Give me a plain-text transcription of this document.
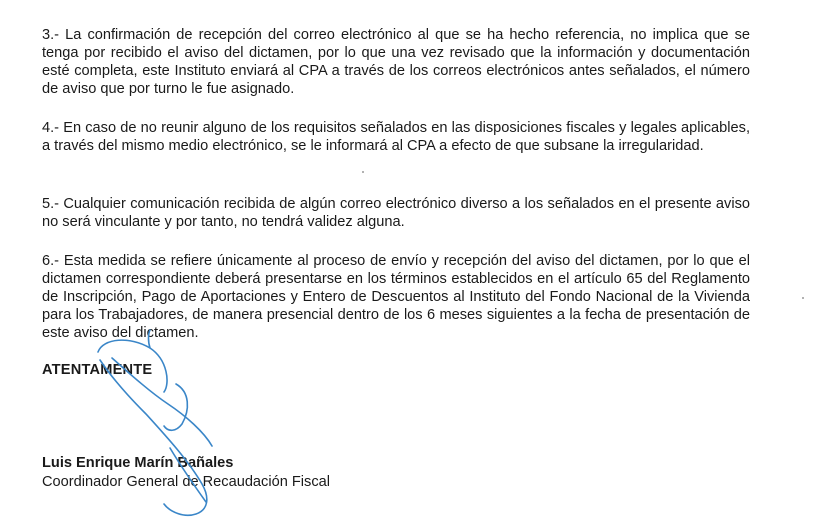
3.- La confirmación de recepción del correo electrónico al que se ha hecho referencia, no implica que se tenga por recibido el aviso del dictamen, por lo que una vez revisado que la información y documentación esté completa, este Instituto enviará al CPA a través de los correos electrónicos antes señalados, el número de aviso que por turno le fue asignado.

4.- En caso de no reunir alguno de los requisitos señalados en las disposiciones fiscales y legales aplicables, a través del mismo medio electrónico, se le informará al CPA a efecto de que subsane la irregularidad.

5.- Cualquier comunicación recibida de algún correo electrónico diverso a los señalados en el presente aviso no será vinculante y por tanto, no tendrá validez alguna.

6.- Esta medida se refiere únicamente al proceso de envío y recepción del aviso del dictamen, por lo que el dictamen correspondiente deberá presentarse en los términos establecidos en el artículo 65 del Reglamento de Inscripción, Pago de Aportaciones y Entero de Descuentos al Instituto del Fondo Nacional de la Vivienda para los Trabajadores, de manera presencial dentro de los 6 meses siguientes a la fecha de presentación de este aviso del dictamen.

ATENTAMENTE
Luis Enrique Marín Bañales
Coordinador General de Recaudación Fiscal
